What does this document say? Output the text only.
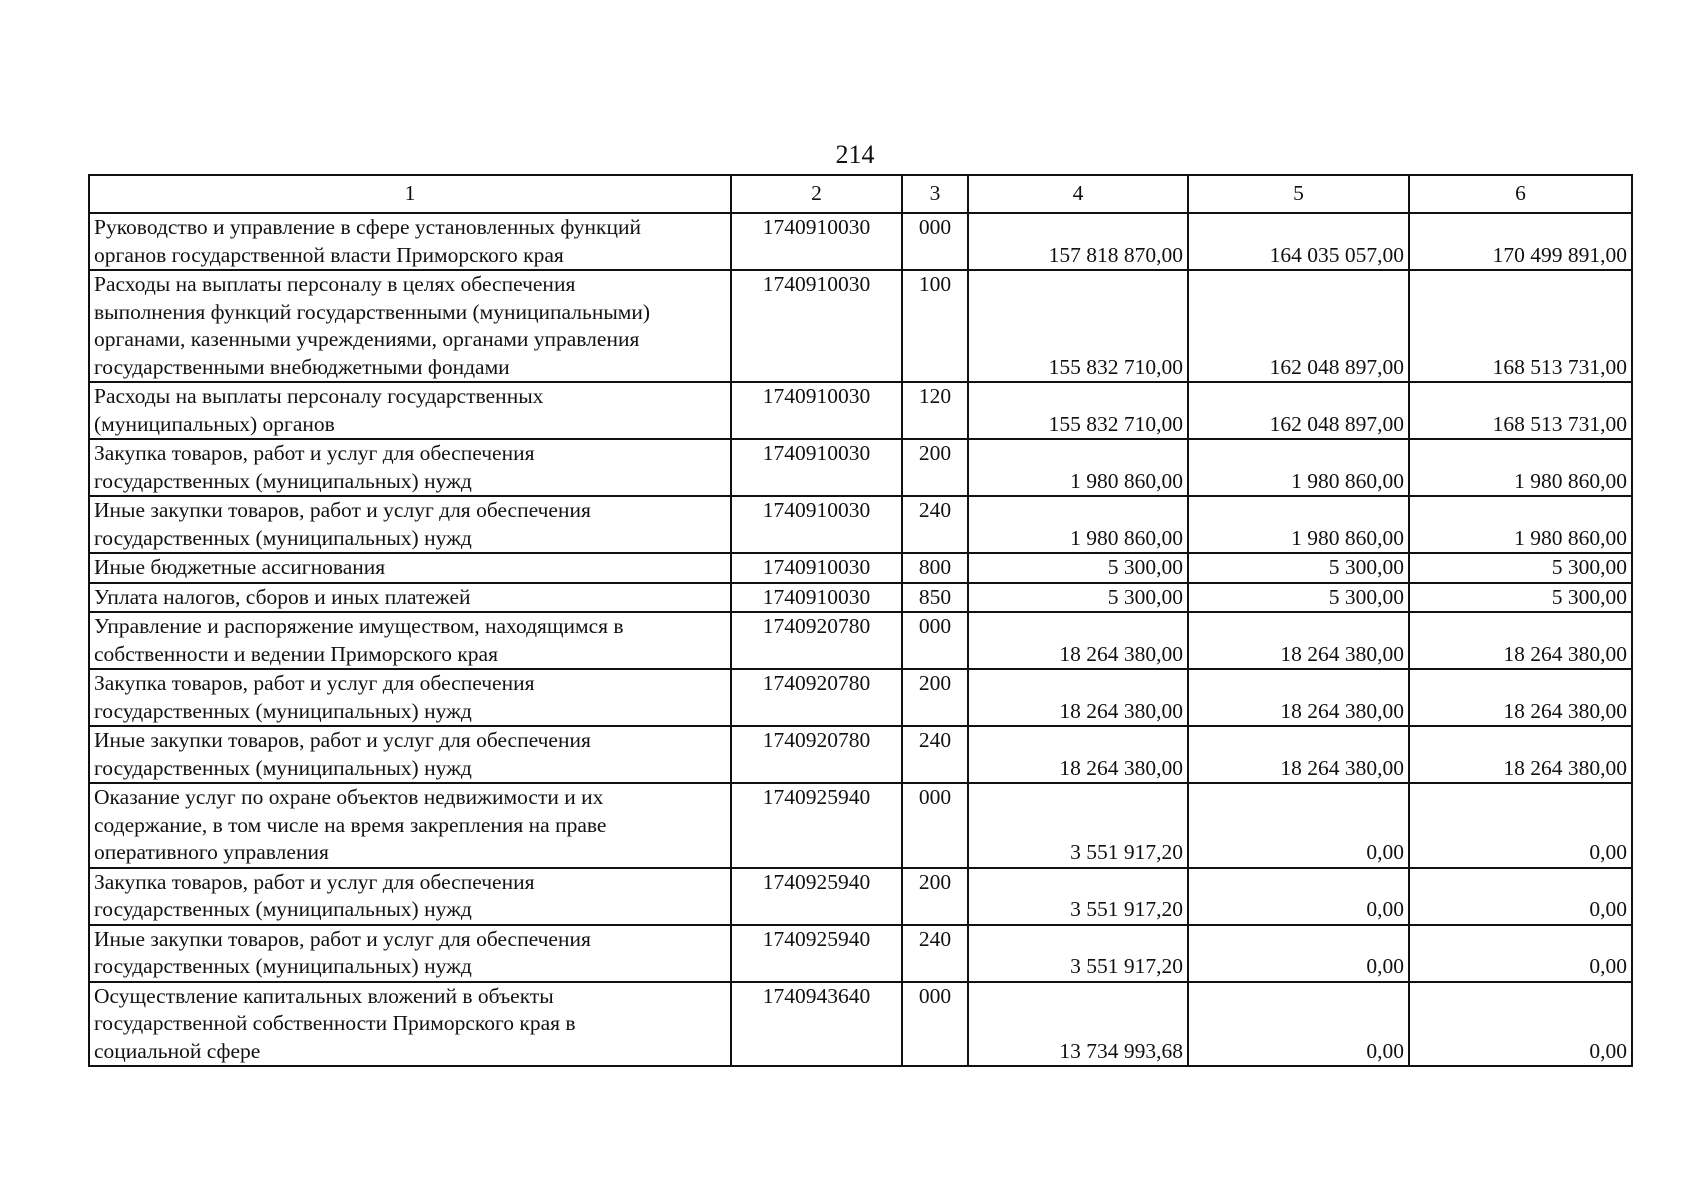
214
1	2	3	4	5	6
Руководство и управление в сфере установленных функций
органов государственной власти Приморского края	1740910030	000	157 818 870,00	164 035 057,00	170 499 891,00
Расходы на выплаты персоналу в целях обеспечения
выполнения функций государственными (муниципальными)
органами, казенными учреждениями, органами управления
государственными внебюджетными фондами	1740910030	100	155 832 710,00	162 048 897,00	168 513 731,00
Расходы на выплаты персоналу государственных
(муниципальных) органов	1740910030	120	155 832 710,00	162 048 897,00	168 513 731,00
Закупка товаров, работ и услуг для обеспечения
государственных (муниципальных) нужд	1740910030	200	1 980 860,00	1 980 860,00	1 980 860,00
Иные закупки товаров, работ и услуг для обеспечения
государственных (муниципальных) нужд	1740910030	240	1 980 860,00	1 980 860,00	1 980 860,00
Иные бюджетные ассигнования	1740910030	800	5 300,00	5 300,00	5 300,00
Уплата налогов, сборов и иных платежей	1740910030	850	5 300,00	5 300,00	5 300,00
Управление и распоряжение имуществом, находящимся в
собственности и ведении Приморского края	1740920780	000	18 264 380,00	18 264 380,00	18 264 380,00
Закупка товаров, работ и услуг для обеспечения
государственных (муниципальных) нужд	1740920780	200	18 264 380,00	18 264 380,00	18 264 380,00
Иные закупки товаров, работ и услуг для обеспечения
государственных (муниципальных) нужд	1740920780	240	18 264 380,00	18 264 380,00	18 264 380,00
Оказание услуг по охране объектов недвижимости и их
содержание, в том числе на время закрепления на праве
оперативного управления	1740925940	000	3 551 917,20	0,00	0,00
Закупка товаров, работ и услуг для обеспечения
государственных (муниципальных) нужд	1740925940	200	3 551 917,20	0,00	0,00
Иные закупки товаров, работ и услуг для обеспечения
государственных (муниципальных) нужд	1740925940	240	3 551 917,20	0,00	0,00
Осуществление капитальных вложений в объекты
государственной собственности Приморского края в
социальной сфере	1740943640	000	13 734 993,68	0,00	0,00
